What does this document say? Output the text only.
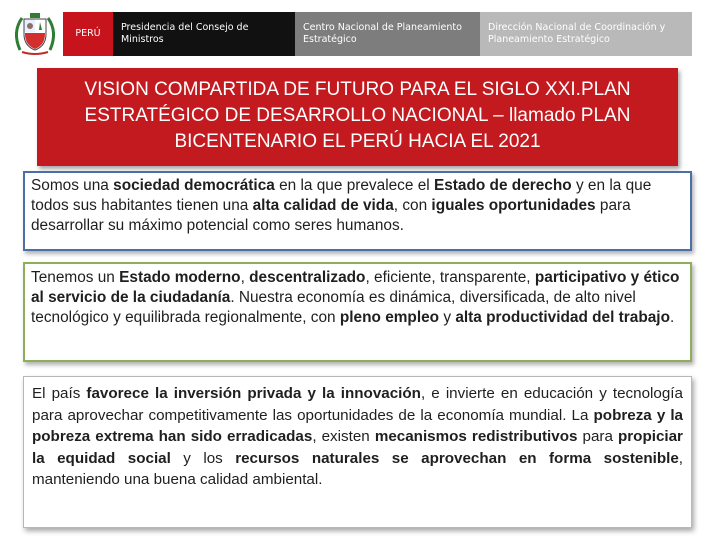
PERÚ
Presidencia del Consejo de
Ministros
Centro Nacional de Planeamiento
Estratégico
Dirección Nacional de Coordinación y
Planeamiento Estratégico
VISION COMPARTIDA DE FUTURO PARA EL SIGLO XXI.PLAN
ESTRATÉGICO DE DESARROLLO NACIONAL – llamado PLAN
BICENTENARIO EL PERÚ HACIA EL 2021
Somos una sociedad democrática en la que prevalece el Estado de derecho y en la que todos sus habitantes tienen una alta calidad de vida, con iguales oportunidades para desarrollar su máximo potencial como seres humanos.
Tenemos un Estado moderno, descentralizado, eficiente, transparente, participativo y ético al servicio de la ciudadanía. Nuestra economía es dinámica, diversificada, de alto nivel tecnológico y equilibrada regionalmente, con pleno empleo y alta productividad del trabajo.
El país favorece la inversión privada y la innovación, e invierte en educación y tecnología para aprovechar competitivamente las oportunidades de la economía mundial. La pobreza y la pobreza extrema han sido erradicadas, existen mecanismos redistributivos para propiciar la equidad social y los recursos naturales se aprovechan en forma sostenible, manteniendo una buena calidad ambiental.
